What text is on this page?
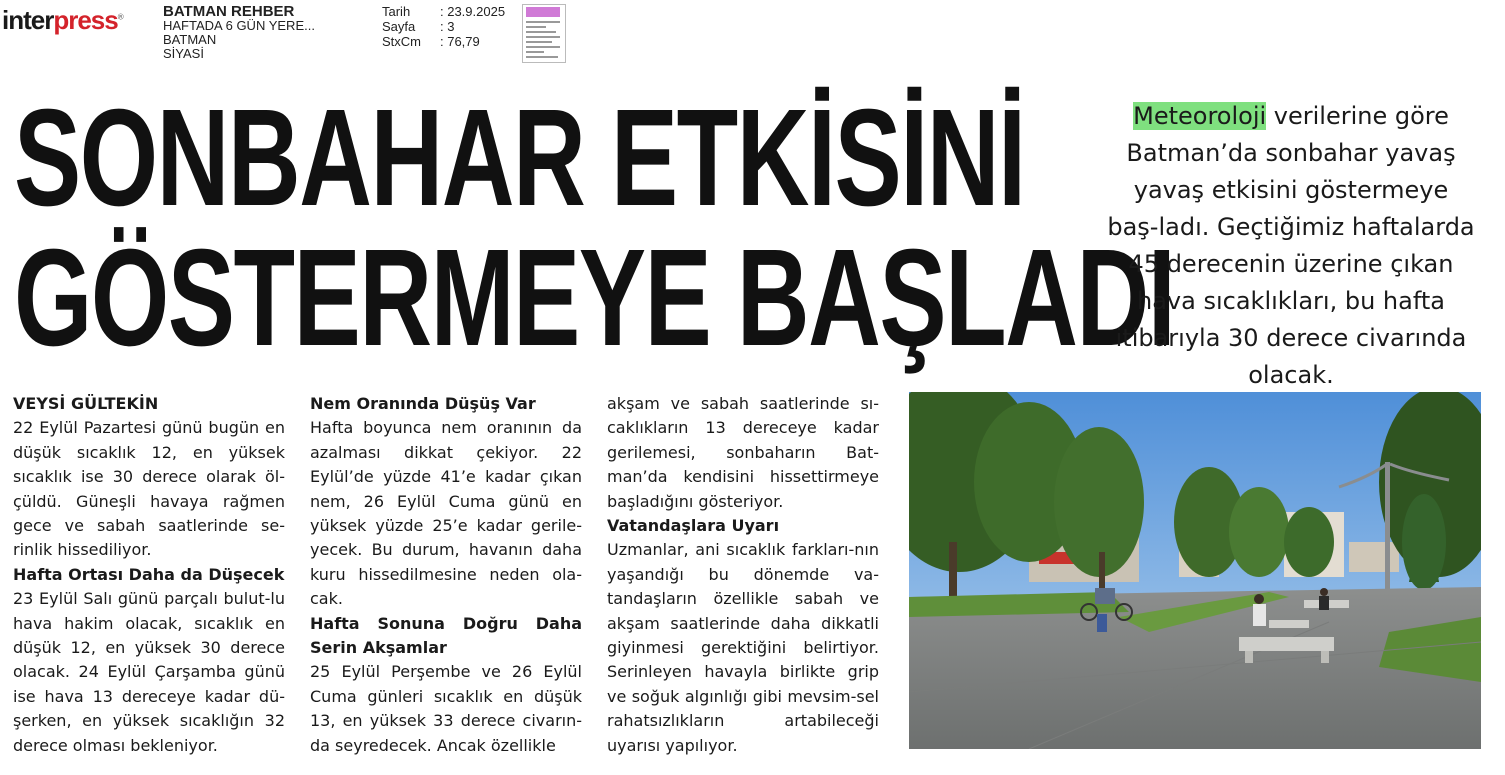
interpress®	BATMAN REHBER
HAFTADA 6 GÜN YERE...
BATMAN
SİYASİ
Tarih	: 23.9.2025
Sayfa	: 3
StxCm	: 76,79
SONBAHAR ETKİSİNİ
GÖSTERMEYE BAŞLADI
Meteoroloji verilerine göre Batman’da sonbahar yavaş yavaş etkisini göstermeye baş-ladı. Geçtiğimiz haftalarda 45 derecenin üzerine çıkan hava sıcaklıkları, bu hafta itibarıyla 30 derece civarında olacak.

VEYSİ GÜLTEKİN

22 Eylül Pazartesi günü bugün en düşük sıcaklık 12, en yüksek sıcaklık ise 30 derece olarak öl-çüldü. Güneşli havaya rağmen gece ve sabah saatlerinde se-rinlik hissediliyor.

Hafta Ortası Daha da Düşecek

23 Eylül Salı günü parçalı bulut-lu hava hakim olacak, sıcaklık en düşük 12, en yüksek 30 derece olacak. 24 Eylül Çarşamba günü ise hava 13 dereceye kadar dü-şerken, en yüksek sıcaklığın 32 derece olması bekleniyor.

Nem Oranında Düşüş Var

Hafta boyunca nem oranının da azalması dikkat çekiyor. 22 Eylül’de yüzde 41’e kadar çıkan nem, 26 Eylül Cuma günü en yüksek yüzde 25’e kadar gerile-yecek. Bu durum, havanın daha kuru hissedilmesine neden ola-cak.

Hafta Sonuna Doğru Daha Serin Akşamlar

25 Eylül Perşembe ve 26 Eylül Cuma günleri sıcaklık en düşük 13, en yüksek 33 derece civarın-da seyredecek. Ancak özellikle

akşam ve sabah saatlerinde sı-caklıkların 13 dereceye kadar gerilemesi, sonbaharın Bat-man’da kendisini hissettirmeye başladığını gösteriyor.

Vatandaşlara Uyarı

Uzmanlar, ani sıcaklık farkları-nın yaşandığı bu dönemde va-tandaşların özellikle sabah ve akşam saatlerinde daha dikkatli giyinmesi gerektiğini belirtiyor. Serinleyen havayla birlikte grip ve soğuk algınlığı gibi mevsim-sel rahatsızlıkların artabileceği uyarısı yapılıyor.
